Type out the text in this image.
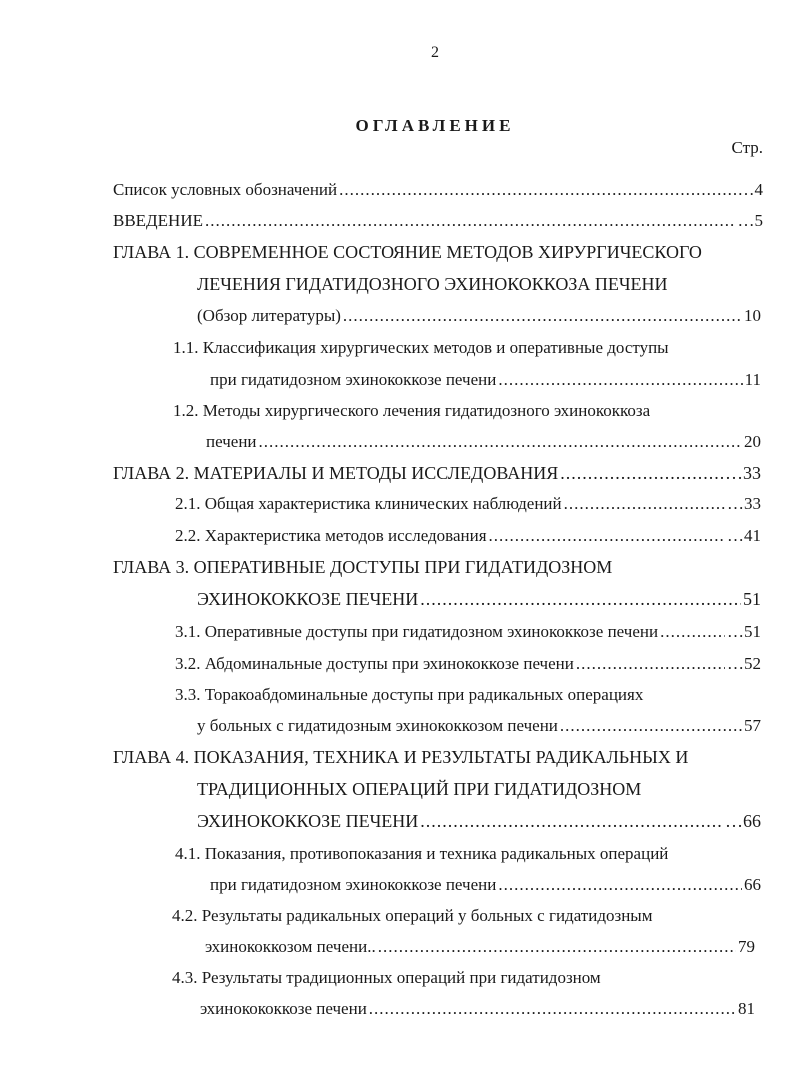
2
ОГЛАВЛЕНИЕ
Стр.
Список условных обозначений .....	…4
ВВЕДЕНИЕ .....	…5
ГЛАВА 1. СОВРЕМЕННОЕ СОСТОЯНИЕ МЕТОДОВ ХИРУРГИЧЕСКОГО
ЛЕЧЕНИЯ ГИДАТИДОЗНОГО ЭХИНОКОККОЗА ПЕЧЕНИ
(Обзор литературы) .....	10
1.1. Классификация хирургических методов и оперативные доступы
при гидатидозном эхинококкозе печени .....	11
1.2. Методы хирургического лечения гидатидозного эхинококкоза
печени .....	20
ГЛАВА 2. МАТЕРИАЛЫ И МЕТОДЫ ИССЛЕДОВАНИЯ .....	…33
2.1. Общая характеристика клинических наблюдений .....	…33
2.2. Характеристика методов исследования .....	…41
ГЛАВА 3. ОПЕРАТИВНЫЕ ДОСТУПЫ ПРИ ГИДАТИДОЗНОМ
ЭХИНОКОККОЗЕ ПЕЧЕНИ .....	51
3.1. Оперативные доступы при гидатидозном эхинококкозе печени .....	…51
3.2. Абдоминальные доступы при эхинококкозе печени .....	…52
3.3. Торакоабдоминальные доступы при радикальных операциях
у больных с гидатидозным эхинококкозом печени .....	57
ГЛАВА 4. ПОКАЗАНИЯ, ТЕХНИКА И РЕЗУЛЬТАТЫ РАДИКАЛЬНЫХ И
ТРАДИЦИОННЫХ ОПЕРАЦИЙ ПРИ ГИДАТИДОЗНОМ
ЭХИНОКОККОЗЕ ПЕЧЕНИ .....	…66
4.1. Показания, противопоказания и техника радикальных операций
при гидатидозном эхинококкозе печени .....	66
4.2. Результаты радикальных операций у больных с гидатидозным
эхинококкозом печени.. .....	79
4.3. Результаты традиционных операций при гидатидозном
эхинокококкозе печени .....	81
